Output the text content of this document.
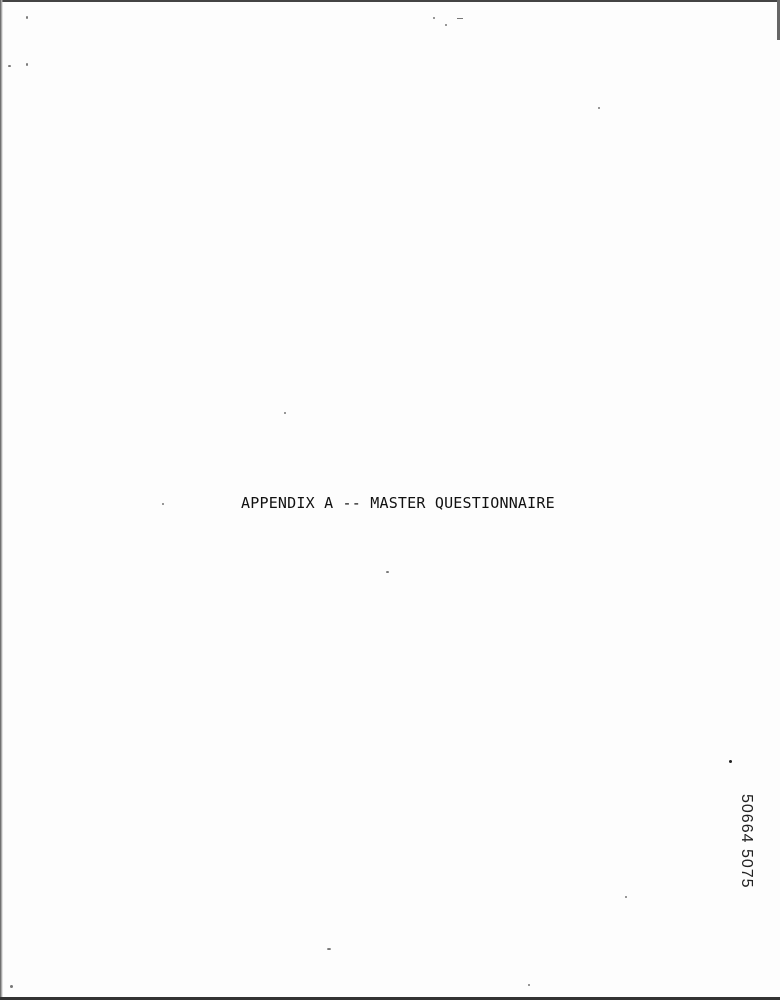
APPENDIX A -- MASTER QUESTIONNAIRE
50664 5075
